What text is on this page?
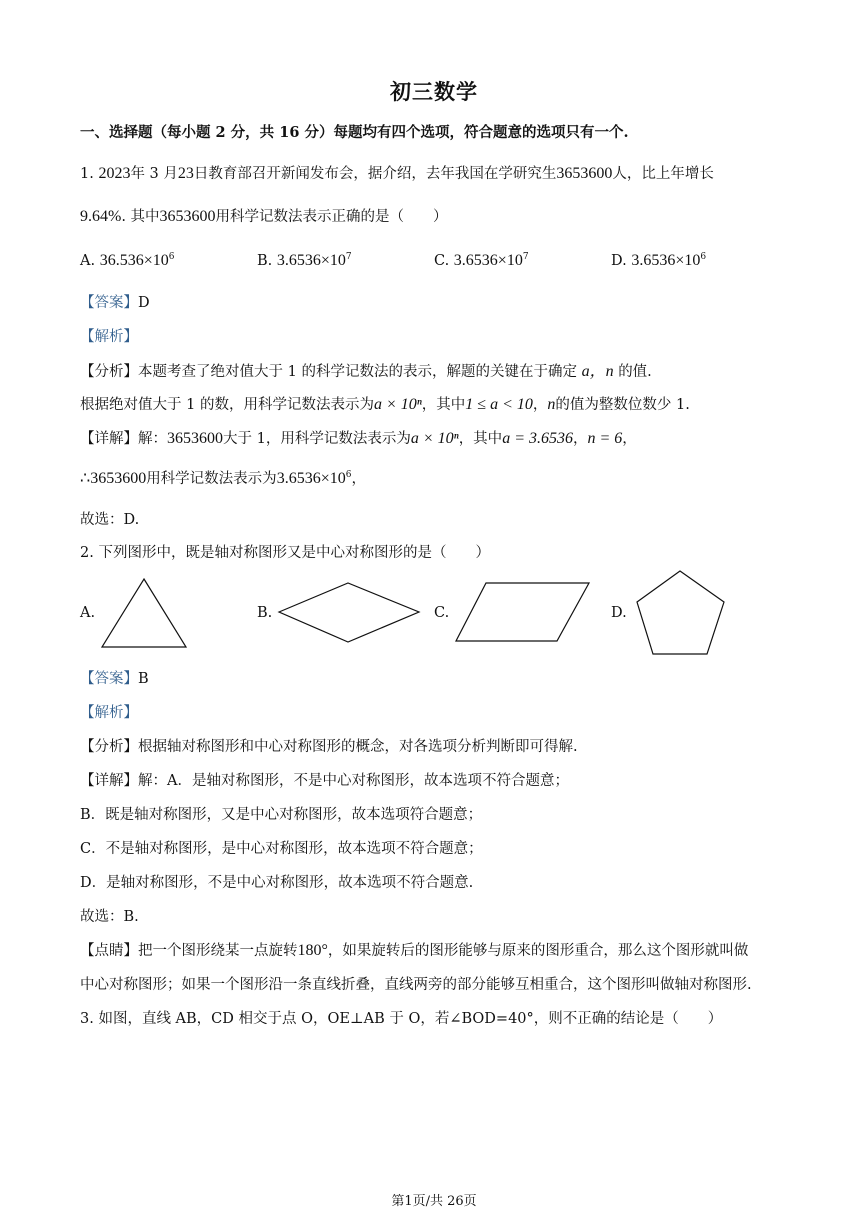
初三数学
一、选择题（每小题 2 分，共 16 分）每题均有四个选项，符合题意的选项只有一个.
1. 2023年 3 月23日教育部召开新闻发布会，据介绍，去年我国在学研究生3653600人，比上年增长
9.64%. 其中3653600用科学记数法表示正确的是（　　）
A. $36.536\times 10^6$	B. $3.6536\times 10^7$	C. $3.6536\times 10^7$	D. $3.6536\times 10^6$
【答案】D
【解析】
【分析】本题考查了绝对值大于 1 的科学记数法的表示，解题的关键在于确定 a，n 的值.
根据绝对值大于 1 的数，用科学记数法表示为a × 10ⁿ，其中1 ≤ a < 10，n的值为整数位数少 1.
【详解】解：3653600大于 1，用科学记数法表示为a × 10ⁿ，其中a = 3.6536，n = 6，
∴3653600用科学记数法表示为$3.6536\times 10^6$，
故选：D.
2. 下列图形中，既是轴对称图形又是中心对称图形的是（　　）
A.	B.	C.	D.
【答案】B
【解析】
【分析】根据轴对称图形和中心对称图形的概念，对各选项分析判断即可得解.
【详解】解：A．是轴对称图形，不是中心对称图形，故本选项不符合题意；
B．既是轴对称图形，又是中心对称图形，故本选项符合题意；
C．不是轴对称图形，是中心对称图形，故本选项不符合题意；
D．是轴对称图形，不是中心对称图形，故本选项不符合题意.
故选：B.
【点睛】把一个图形绕某一点旋转180°，如果旋转后的图形能够与原来的图形重合，那么这个图形就叫做
中心对称图形；如果一个图形沿一条直线折叠，直线两旁的部分能够互相重合，这个图形叫做轴对称图形.
3. 如图，直线 AB，CD 相交于点 O，OE⊥AB 于 O，若∠BOD=40°，则不正确的结论是（　　）
第1页/共 26页
